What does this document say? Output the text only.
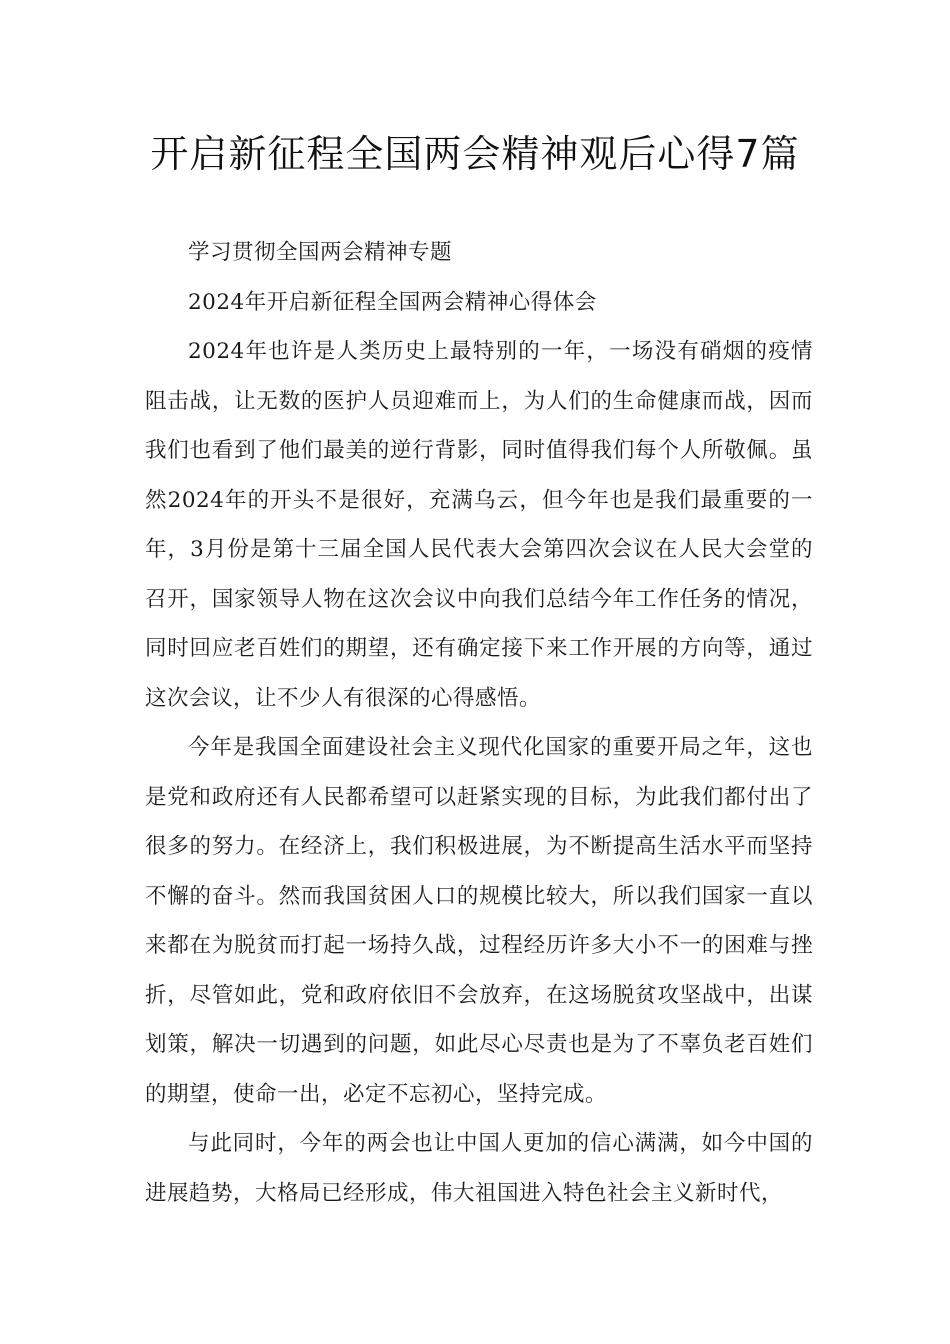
开启新征程全国两会精神观后心得7篇

学习贯彻全国两会精神专题

2024年开启新征程全国两会精神心得体会

2024年也许是人类历史上最特别的一年，一场没有硝烟的疫情阻击战，让无数的医护人员迎难而上，为人们的生命健康而战，因而我们也看到了他们最美的逆行背影，同时值得我们每个人所敬佩。虽然2024年的开头不是很好，充满乌云，但今年也是我们最重要的一年，3月份是第十三届全国人民代表大会第四次会议在人民大会堂的召开，国家领导人物在这次会议中向我们总结今年工作任务的情况，同时回应老百姓们的期望，还有确定接下来工作开展的方向等，通过这次会议，让不少人有很深的心得感悟。

今年是我国全面建设社会主义现代化国家的重要开局之年，这也是党和政府还有人民都希望可以赶紧实现的目标，为此我们都付出了很多的努力。在经济上，我们积极进展，为不断提高生活水平而坚持不懈的奋斗。然而我国贫困人口的规模比较大，所以我们国家一直以来都在为脱贫而打起一场持久战，过程经历许多大小不一的困难与挫折，尽管如此，党和政府依旧不会放弃，在这场脱贫攻坚战中，出谋划策，解决一切遇到的问题，如此尽心尽责也是为了不辜负老百姓们的期望，使命一出，必定不忘初心，坚持完成。

与此同时，今年的两会也让中国人更加的信心满满，如今中国的进展趋势，大格局已经形成，伟大祖国进入特色社会主义新时代，
